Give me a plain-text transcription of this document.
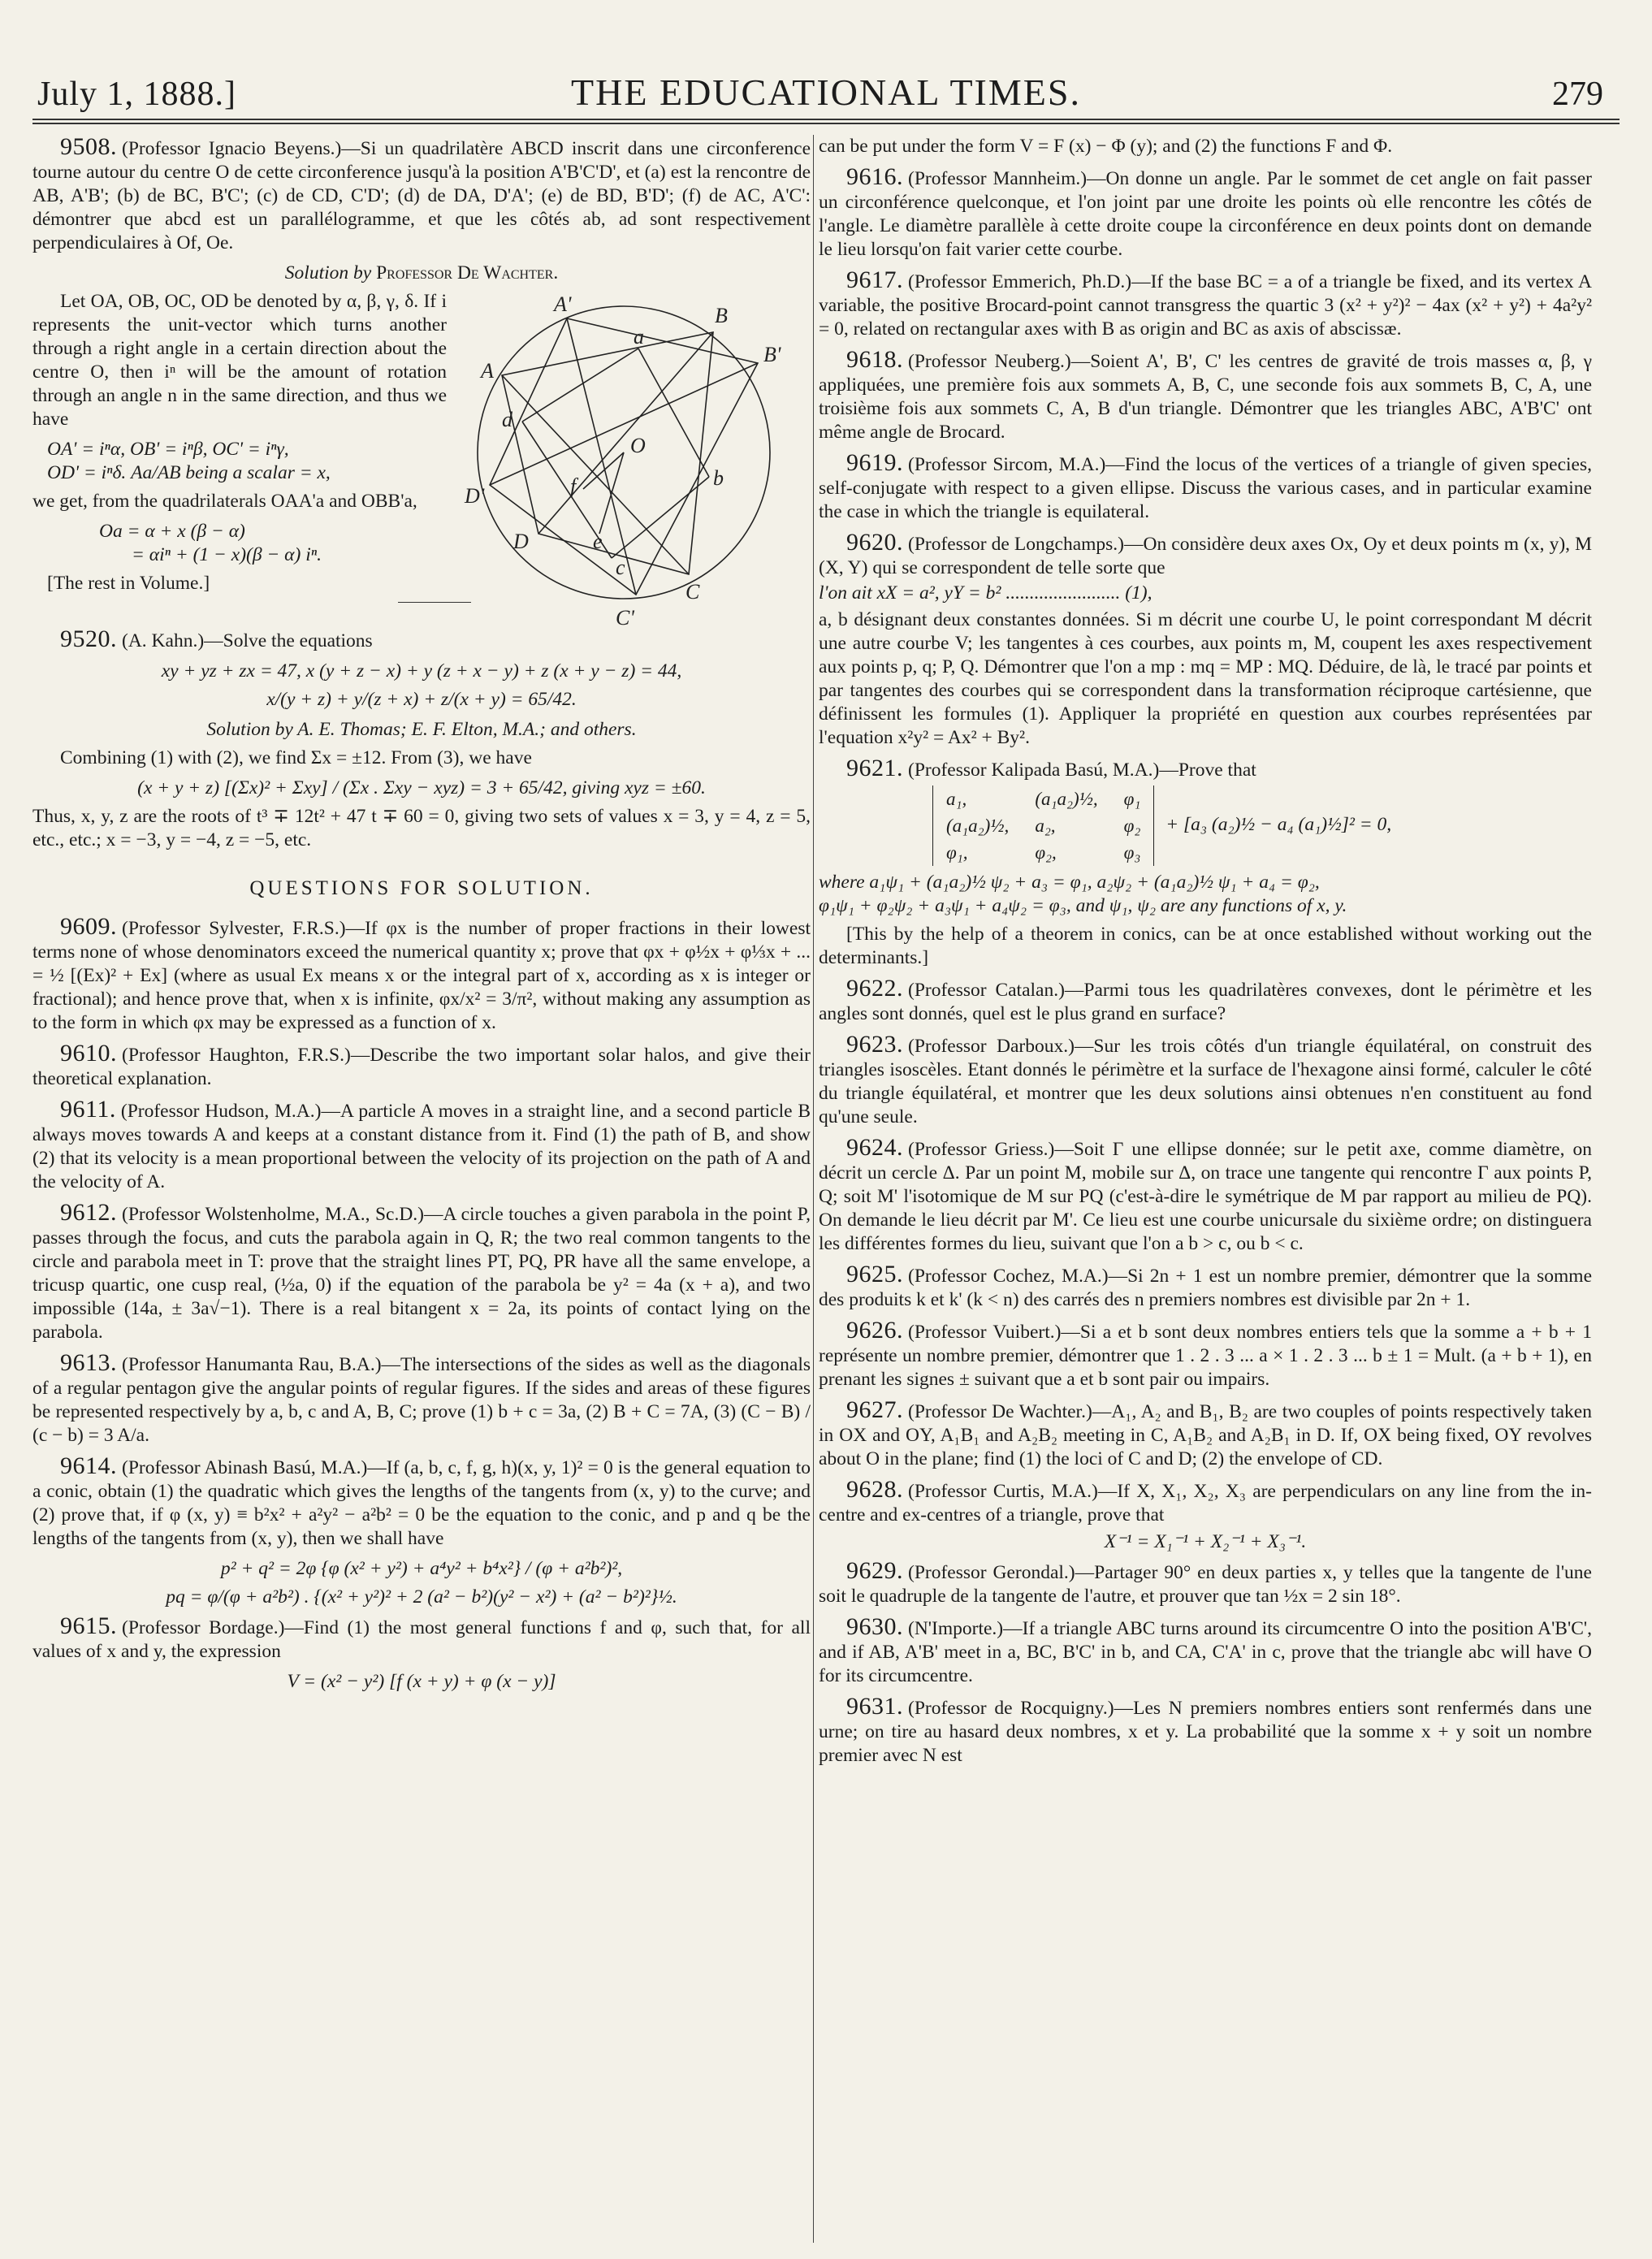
July 1, 1888.]	THE EDUCATIONAL TIMES.	279

9508. (Professor Ignacio Beyens.)—Si un quadrilatère ABCD inscrit dans une circonference tourne autour du centre O de cette circonference jusqu'à la position A'B'C'D', et (a) est la rencontre de AB, A'B'; (b) de BC, B'C'; (c) de CD, C'D'; (d) de DA, D'A'; (e) de BD, B'D'; (f) de AC, A'C': démontrer que abcd est un parallélogramme, et que les côtés ab, ad sont respectivement perpendiculaires à Of, Oe.

Solution by Professor De Wachter.
A'
a
B
B'
A
d
O
f	b
D'
e
D
c
C'
C

Let OA, OB, OC, OD be denoted by α, β, γ, δ. If i represents the unit-vector which turns another through a right angle in a certain direction about the centre O, then iⁿ will be the amount of rotation through an angle n in the same direction, and thus we have

OA' = iⁿα, OB' = iⁿβ, OC' = iⁿγ,
OD' = iⁿδ. Aa/AB being a scalar = x,

we get, from the quadrilaterals OAA'a and OBB'a,

Oa = α + x (β − α)
= αiⁿ + (1 − x)(β − α) iⁿ.
[The rest in Volume.]

9520. (A. Kahn.)—Solve the equations

xy + yz + zx = 47, x (y + z − x) + y (z + x − y) + z (x + y − z) = 44,
x/(y + z) + y/(z + x) + z/(x + y) = 65/42.
Solution by A. E. Thomas; E. F. Elton, M.A.; and others.

Combining (1) with (2), we find Σx = ±12. From (3), we have

(x + y + z) [(Σx)² + Σxy] / (Σx . Σxy − xyz) = 3 + 65/42, giving xyz = ±60.

Thus, x, y, z are the roots of t³ ∓ 12t² + 47 t ∓ 60 = 0, giving two sets of values x = 3, y = 4, z = 5, etc., etc.; x = −3, y = −4, z = −5, etc.

QUESTIONS FOR SOLUTION.

9609. (Professor Sylvester, F.R.S.)—If φx is the number of proper fractions in their lowest terms none of whose denominators exceed the numerical quantity x; prove that φx + φ½x + φ⅓x + ... = ½ [(Ex)² + Ex] (where as usual Ex means x or the integral part of x, according as x is integer or fractional); and hence prove that, when x is infinite, φx/x² = 3/π², without making any assumption as to the form in which φx may be expressed as a function of x.

9610. (Professor Haughton, F.R.S.)—Describe the two important solar halos, and give their theoretical explanation.

9611. (Professor Hudson, M.A.)—A particle A moves in a straight line, and a second particle B always moves towards A and keeps at a constant distance from it. Find (1) the path of B, and show (2) that its velocity is a mean proportional between the velocity of its projection on the path of A and the velocity of A.

9612. (Professor Wolstenholme, M.A., Sc.D.)—A circle touches a given parabola in the point P, passes through the focus, and cuts the parabola again in Q, R; the two real common tangents to the circle and parabola meet in T: prove that the straight lines PT, PQ, PR have all the same envelope, a tricusp quartic, one cusp real, (½a, 0) if the equation of the parabola be y² = 4a (x + a), and two impossible (14a, ± 3a√−1). There is a real bitangent x = 2a, its points of contact lying on the parabola.

9613. (Professor Hanumanta Rau, B.A.)—The intersections of the sides as well as the diagonals of a regular pentagon give the angular points of regular figures. If the sides and areas of these figures be represented respectively by a, b, c and A, B, C; prove (1) b + c = 3a, (2) B + C = 7A, (3) (C − B) / (c − b) = 3 A/a.

9614. (Professor Abinash Basú, M.A.)—If (a, b, c, f, g, h)(x, y, 1)² = 0 is the general equation to a conic, obtain (1) the quadratic which gives the lengths of the tangents from (x, y) to the curve; and (2) prove that, if φ (x, y) ≡ b²x² + a²y² − a²b² = 0 be the equation to the conic, and p and q be the lengths of the tangents from (x, y), then we shall have

p² + q² = 2φ {φ (x² + y²) + a⁴y² + b⁴x²} / (φ + a²b²)²,
pq = φ/(φ + a²b²) . {(x² + y²)² + 2 (a² − b²)(y² − x²) + (a² − b²)²}½.

9615. (Professor Bordage.)—Find (1) the most general functions f and φ, such that, for all values of x and y, the expression

V = (x² − y²) [f (x + y) + φ (x − y)]

can be put under the form V = F (x) − Φ (y); and (2) the functions F and Φ.

9616. (Professor Mannheim.)—On donne un angle. Par le sommet de cet angle on fait passer un circonférence quelconque, et l'on joint par une droite les points où elle rencontre les côtés de l'angle. Le diamètre parallèle à cette droite coupe la circonférence en deux points dont on demande le lieu lorsqu'on fait varier cette courbe.

9617. (Professor Emmerich, Ph.D.)—If the base BC = a of a triangle be fixed, and its vertex A variable, the positive Brocard-point cannot transgress the quartic 3 (x² + y²)² − 4ax (x² + y²) + 4a²y² = 0, related on rectangular axes with B as origin and BC as axis of abscissæ.

9618. (Professor Neuberg.)—Soient A', B', C' les centres de gravité de trois masses α, β, γ appliquées, une première fois aux sommets A, B, C, une seconde fois aux sommets B, C, A, une troisième fois aux sommets C, A, B d'un triangle. Démontrer que les triangles ABC, A'B'C' ont même angle de Brocard.

9619. (Professor Sircom, M.A.)—Find the locus of the vertices of a triangle of given species, self-conjugate with respect to a given ellipse. Discuss the various cases, and in particular examine the case in which the triangle is equilateral.

9620. (Professor de Longchamps.)—On considère deux axes Ox, Oy et deux points m (x, y), M (X, Y) qui se correspondent de telle sorte que

l'on ait xX = a², yY = b² ........................ (1),

a, b désignant deux constantes données. Si m décrit une courbe U, le point correspondant M décrit une autre courbe V; les tangentes à ces courbes, aux points m, M, coupent les axes respectivement aux points p, q; P, Q. Démontrer que l'on a mp : mq = MP : MQ. Déduire, de là, le tracé par points et par tangentes des courbes qui se correspondent dans la transformation réciproque cartésienne, que définissent les formules (1). Appliquer la propriété en question aux courbes représentées par l'equation x²y² = Ax² + By².

9621. (Professor Kalipada Basú, M.A.)—Prove that

a₁,	(a₁a₂)½,	φ₁
(a₁a₂)½,	a₂,	φ₂
φ₁,	φ₂,	φ₃ + [a₃ (a₂)½ − a₄ (a₁)½]² = 0,
where a₁ψ₁ + (a₁a₂)½ ψ₂ + a₃ = φ₁, a₂ψ₂ + (a₁a₂)½ ψ₁ + a₄ = φ₂,
φ₁ψ₁ + φ₂ψ₂ + a₃ψ₁ + a₄ψ₂ = φ₃, and ψ₁, ψ₂ are any functions of x, y.

[This by the help of a theorem in conics, can be at once established without working out the determinants.]

9622. (Professor Catalan.)—Parmi tous les quadrilatères convexes, dont le périmètre et les angles sont donnés, quel est le plus grand en surface?

9623. (Professor Darboux.)—Sur les trois côtés d'un triangle équilatéral, on construit des triangles isoscèles. Etant donnés le périmètre et la surface de l'hexagone ainsi formé, calculer le côté du triangle équilatéral, et montrer que les deux solutions ainsi obtenues n'en constituent au fond qu'une seule.

9624. (Professor Griess.)—Soit Γ une ellipse donnée; sur le petit axe, comme diamètre, on décrit un cercle Δ. Par un point M, mobile sur Δ, on trace une tangente qui rencontre Γ aux points P, Q; soit M' l'isotomique de M sur PQ (c'est-à-dire le symétrique de M par rapport au milieu de PQ). On demande le lieu décrit par M'. Ce lieu est une courbe unicursale du sixième ordre; on distinguera les différentes formes du lieu, suivant que l'on a b > c, ou b < c.

9625. (Professor Cochez, M.A.)—Si 2n + 1 est un nombre premier, démontrer que la somme des produits k et k' (k < n) des carrés des n premiers nombres est divisible par 2n + 1.

9626. (Professor Vuibert.)—Si a et b sont deux nombres entiers tels que la somme a + b + 1 représente un nombre premier, démontrer que 1 . 2 . 3 ... a × 1 . 2 . 3 ... b ± 1 = Mult. (a + b + 1), en prenant les signes ± suivant que a et b sont pair ou impairs.

9627. (Professor De Wachter.)—A₁, A₂ and B₁, B₂ are two couples of points respectively taken in OX and OY, A₁B₁ and A₂B₂ meeting in C, A₁B₂ and A₂B₁ in D. If, OX being fixed, OY revolves about O in the plane; find (1) the loci of C and D; (2) the envelope of CD.

9628. (Professor Curtis, M.A.)—If X, X₁, X₂, X₃ are perpendiculars on any line from the in-centre and ex-centres of a triangle, prove that

X⁻¹ = X₁⁻¹ + X₂⁻¹ + X₃⁻¹.

9629. (Professor Gerondal.)—Partager 90° en deux parties x, y telles que la tangente de l'une soit le quadruple de la tangente de l'autre, et prouver que tan ½x = 2 sin 18°.

9630. (N'Importe.)—If a triangle ABC turns around its circumcentre O into the position A'B'C', and if AB, A'B' meet in a, BC, B'C' in b, and CA, C'A' in c, prove that the triangle abc will have O for its circumcentre.

9631. (Professor de Rocquigny.)—Les N premiers nombres entiers sont renfermés dans une urne; on tire au hasard deux nombres, x et y. La probabilité que la somme x + y soit un nombre premier avec N est
